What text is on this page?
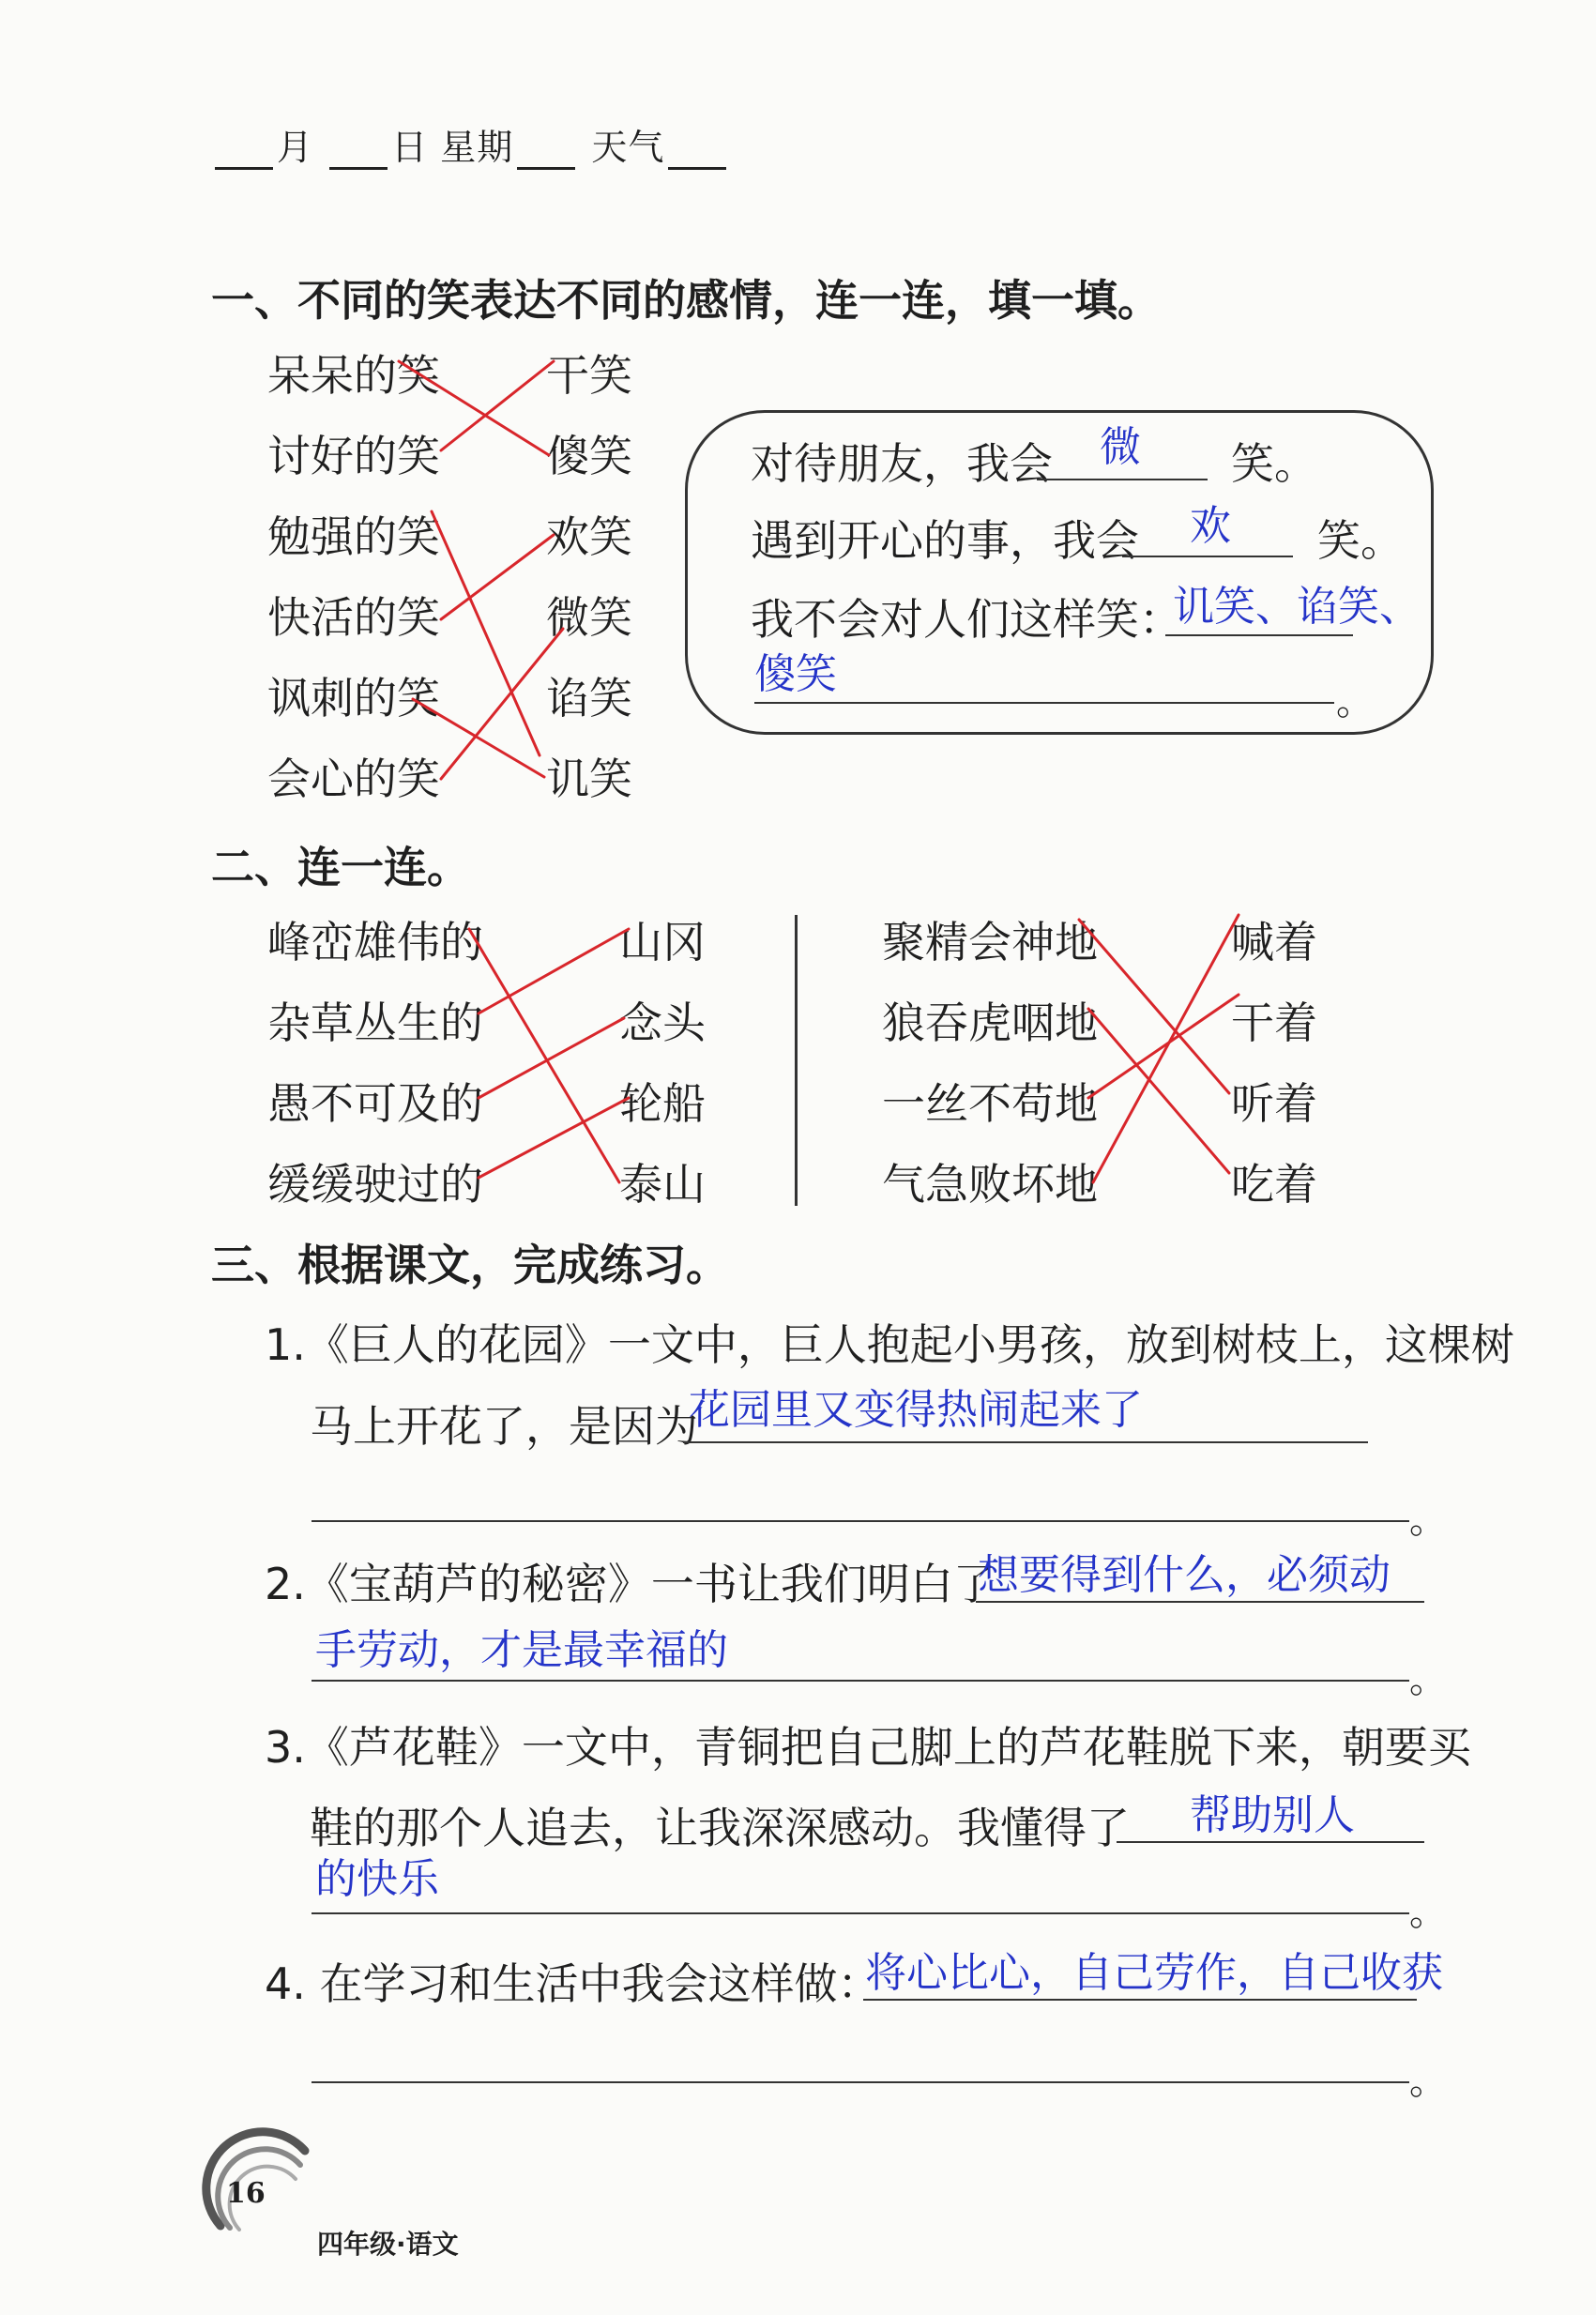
月 日 星期 天气
一、不同的笑表达不同的感情，连一连，填一填。
呆呆的笑
讨好的笑
勉强的笑
快活的笑
讽刺的笑
会心的笑
干笑
傻笑
欢笑
微笑
谄笑
讥笑
对待朋友，我会	笑。
微
遇到开心的事，我会	笑。
欢
我不会对人们这样笑：
讥笑、谄笑、
傻笑
。
二、连一连。
峰峦雄伟的
杂草丛生的
愚不可及的
缓缓驶过的
山冈
念头
轮船
泰山
聚精会神地
狼吞虎咽地
一丝不苟地
气急败坏地
喊着
干着
听着
吃着
三、根据课文，完成练习。
1.《巨人的花园》一文中，巨人抱起小男孩，放到树枝上，这棵树
马上开花了，是因为
花园里又变得热闹起来了
。
2.《宝葫芦的秘密》一书让我们明白了
想要得到什么，必须动
手劳动，才是最幸福的
。
3.《芦花鞋》一文中，青铜把自己脚上的芦花鞋脱下来，朝要买
鞋的那个人追去，让我深深感动。我懂得了 帮助别人
的快乐
。
4. 在学习和生活中我会这样做：
将心比心，自己劳作，自己收获
。
16
四年级·语文
